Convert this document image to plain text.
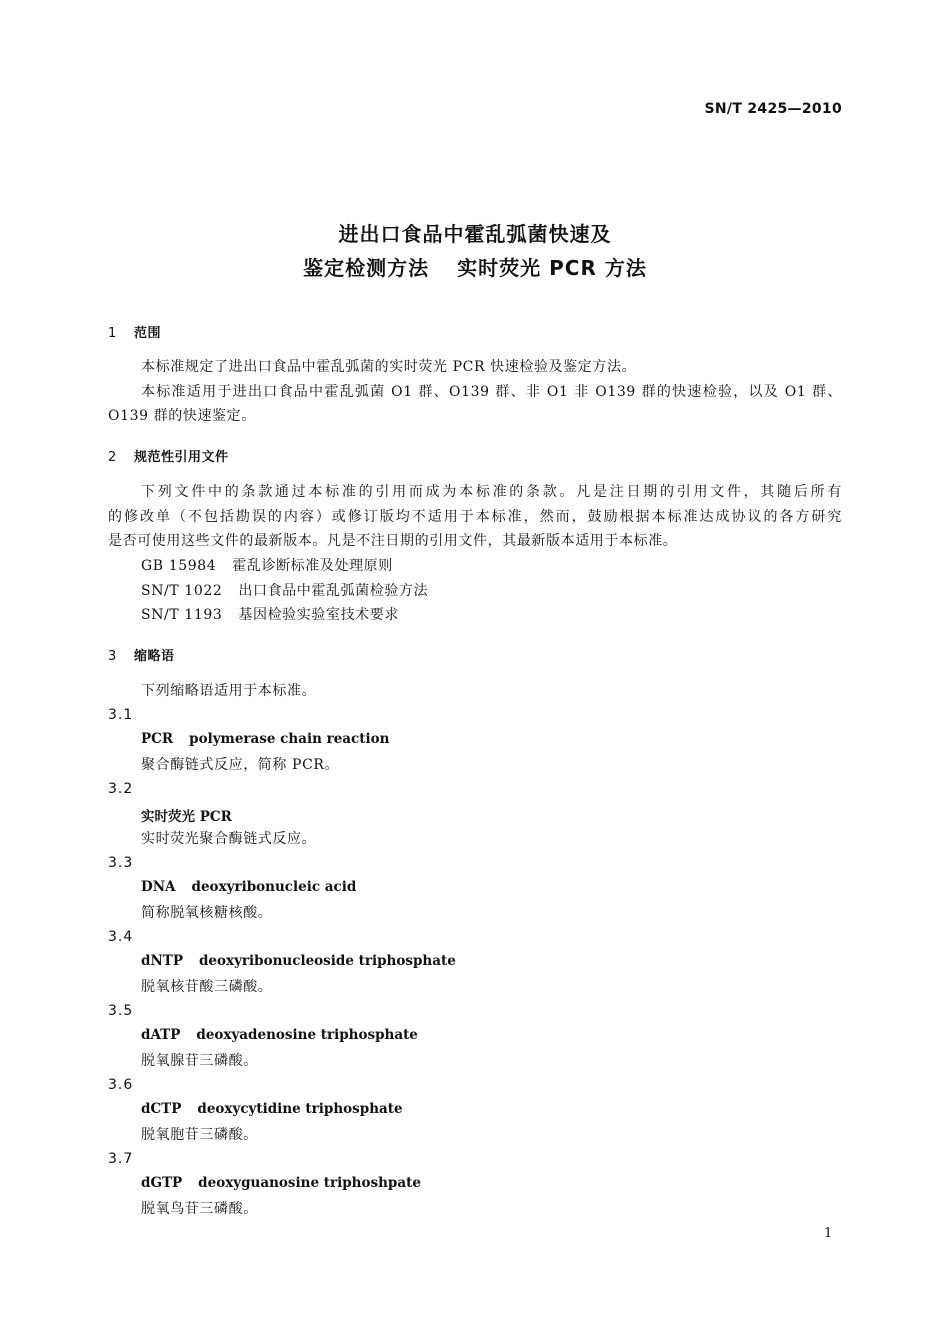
SN/T 2425—2010

进出口食品中霍乱弧菌快速及

鉴定检测方法 实时荧光 PCR 方法

1 范围

本标准规定了进出口食品中霍乱弧菌的实时荧光 PCR 快速检验及鉴定方法。

本标准适用于进出口食品中霍乱弧菌 O1 群、O139 群、非 O1 非 O139 群的快速检验，以及 O1 群、

O139 群的快速鉴定。

2 规范性引用文件

下列文件中的条款通过本标准的引用而成为本标准的条款。凡是注日期的引用文件，其随后所有

的修改单（不包括勘误的内容）或修订版均不适用于本标准，然而，鼓励根据本标准达成协议的各方研究

是否可使用这些文件的最新版本。凡是不注日期的引用文件，其最新版本适用于本标准。

GB 15984 霍乱诊断标准及处理原则

SN/T 1022 出口食品中霍乱弧菌检验方法

SN/T 1193 基因检验实验室技术要求

3 缩略语

下列缩略语适用于本标准。

3.1

PCR polymerase chain reaction

聚合酶链式反应，简称 PCR。

3.2

实时荧光 PCR

实时荧光聚合酶链式反应。

3.3

DNA deoxyribonucleic acid

简称脱氧核糖核酸。

3.4

dNTP deoxyribonucleoside triphosphate

脱氧核苷酸三磷酸。

3.5

dATP deoxyadenosine triphosphate

脱氧腺苷三磷酸。

3.6

dCTP deoxycytidine triphosphate

脱氧胞苷三磷酸。

3.7

dGTP deoxyguanosine triphoshpate

脱氧鸟苷三磷酸。

1
